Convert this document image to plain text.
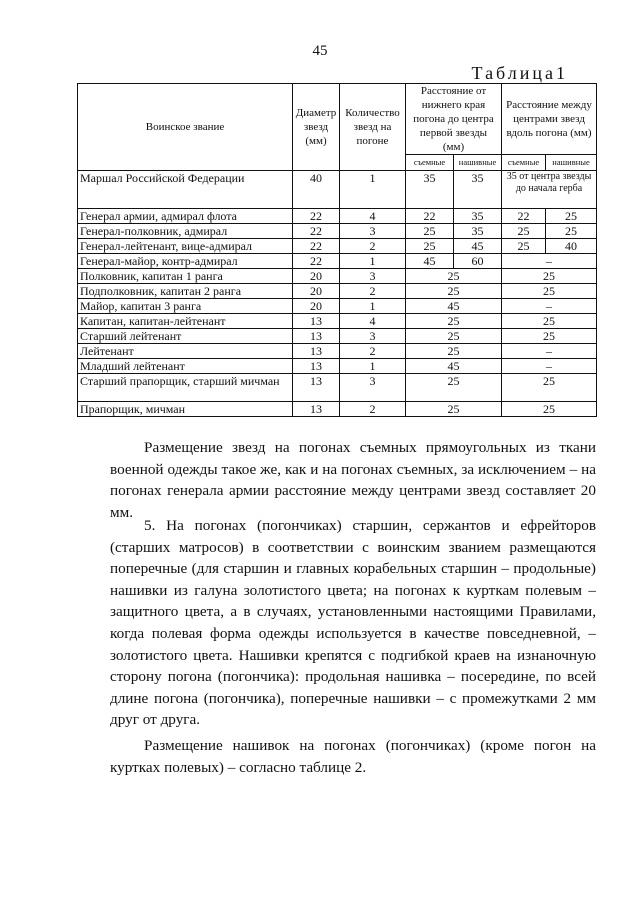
45
Таблица1
Воинское звание	Диаметр звезд (мм)	Количество звезд на погоне	Расстояние от нижнего края погона до центра первой звезды (мм)		Расстояние между центрами звезд вдоль погона (мм)	
			съемные	нашивные	съемные	нашивные
Маршал Российской Федерации	40	1	35	35	35 от центра звезды до начала герба	
Генерал армии, адмирал флота	22	4	22	35	22	25
Генерал-полковник, адмирал	22	3	25	35	25	25
Генерал-лейтенант, вице-адмирал	22	2	25	45	25	40
Генерал-майор, контр-адмирал	22	1	45	60	–	
Полковник, капитан 1 ранга	20	3	25		25	
Подполковник, капитан 2 ранга	20	2	25		25	
Майор, капитан 3 ранга	20	1	45		–	
Капитан, капитан-лейтенант	13	4	25		25	
Старший лейтенант	13	3	25		25	
Лейтенант	13	2	25		–	
Младший лейтенант	13	1	45		–	
Старший прапорщик, старший мичман	13	3	25		25	
Прапорщик, мичман	13	2	25		25	

Размещение звезд на погонах съемных прямоугольных из ткани военной одежды такое же, как и на погонах съемных, за исключением – на погонах генерала армии расстояние между центрами звезд составляет 20 мм.

5. На погонах (погончиках) старшин, сержантов и ефрейторов (старших матросов) в соответствии с воинским званием размещаются поперечные (для старшин и главных корабельных старшин – продольные) нашивки из галуна золотистого цвета; на погонах к курткам полевым – защитного цвета, а в случаях, установленными настоящими Правилами, когда полевая форма одежды используется в качестве повседневной, – золотистого цвета. Нашивки крепятся с подгибкой краев на изнаночную сторону погона (погончика): продольная нашивка – посередине, по всей длине погона (погончика), поперечные нашивки – с промежутками 2 мм друг от друга.

Размещение нашивок на погонах (погончиках) (кроме погон на куртках полевых) – согласно таблице 2.
